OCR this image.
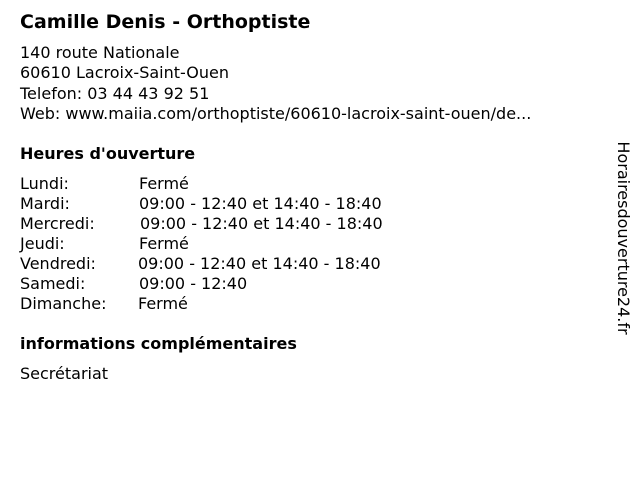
Camille Denis - Orthoptiste
140 route Nationale
60610 Lacroix-Saint-Ouen
Telefon: 03 44 43 92 51
Web: www.maiia.com/orthoptiste/60610-lacroix-saint-ouen/de...
Heures d'ouverture
Lundi:	Fermé
Mardi:	09:00 - 12:40 et 14:40 - 18:40
Mercredi:	09:00 - 12:40 et 14:40 - 18:40
Jeudi:	Fermé
Vendredi:	09:00 - 12:40 et 14:40 - 18:40
Samedi:	09:00 - 12:40
Dimanche: Fermé
informations complémentaires
Secrétariat
Horairesdouverture24.fr
